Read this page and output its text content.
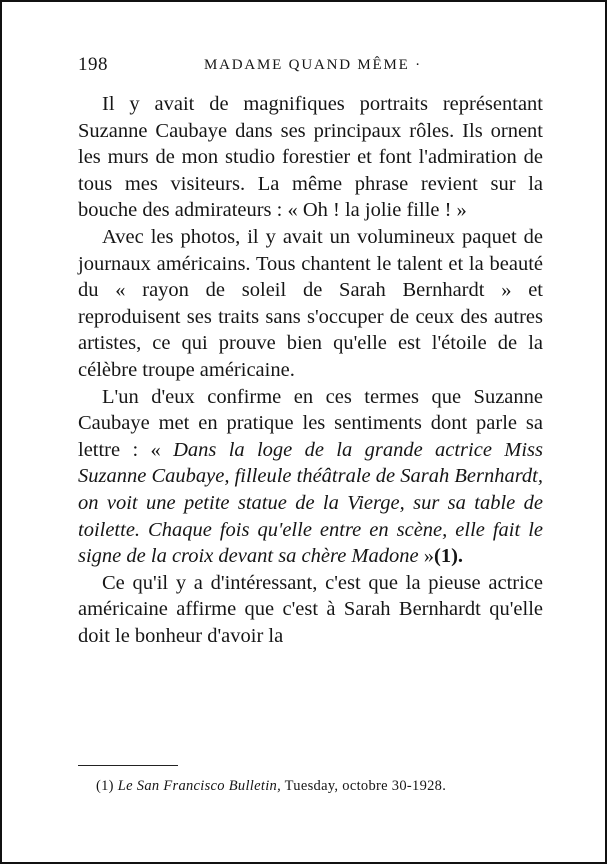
198	MADAME QUAND MÊME ·

Il y avait de magnifiques portraits représentant Suzanne Caubaye dans ses principaux rôles. Ils ornent les murs de mon studio forestier et font l'admiration de tous mes visiteurs. La même phrase revient sur la bouche des admirateurs : « Oh ! la jolie fille ! »

Avec les photos, il y avait un volumineux paquet de journaux américains. Tous chantent le talent et la beauté du « rayon de soleil de Sarah Bernhardt » et reproduisent ses traits sans s'occuper de ceux des autres artistes, ce qui prouve bien qu'elle est l'étoile de la célèbre troupe américaine.

L'un d'eux confirme en ces termes que Suzanne Caubaye met en pratique les sentiments dont parle sa lettre : « Dans la loge de la grande actrice Miss Suzanne Caubaye, filleule théâtrale de Sarah Bernhardt, on voit une petite statue de la Vierge, sur sa table de toilette. Chaque fois qu'elle entre en scène, elle fait le signe de la croix devant sa chère Madone »(1).

Ce qu'il y a d'intéressant, c'est que la pieuse actrice américaine affirme que c'est à Sarah Bernhardt qu'elle doit le bonheur d'avoir la

(1) Le San Francisco Bulletin, Tuesday, octobre 30-1928.
